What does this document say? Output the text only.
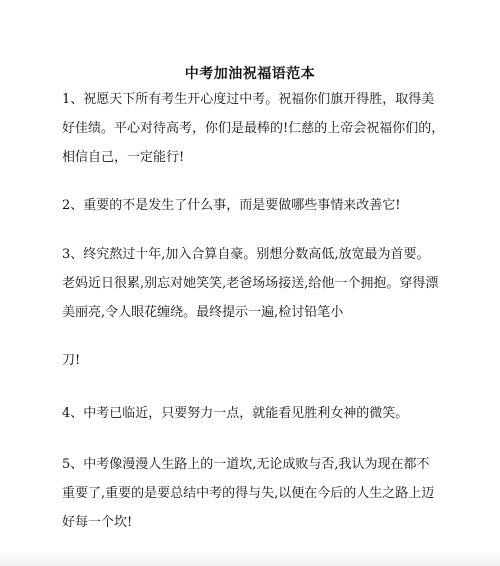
中考加油祝福语范本
1、祝愿天下所有考生开心度过中考。祝福你们旗开得胜，取得美
好佳绩。平心对待高考，你们是最棒的!仁慈的上帝会祝福你们的，
相信自己，一定能行!
2、重要的不是发生了什么事，而是要做哪些事情来改善它!
3、终究熬过十年,加入合算自豪。别想分数高低,放宽最为首要。
老妈近日很累,别忘对她笑笑,老爸场场接送,给他一个拥抱。穿得漂
美丽亮,令人眼花缠绕。最终提示一遍,检讨铅笔小
刀!
4、中考已临近，只要努力一点，就能看见胜利女神的微笑。
5、中考像漫漫人生路上的一道坎,无论成败与否,我认为现在都不
重要了,重要的是要总结中考的得与失,以便在今后的人生之路上迈
好每一个坎!
